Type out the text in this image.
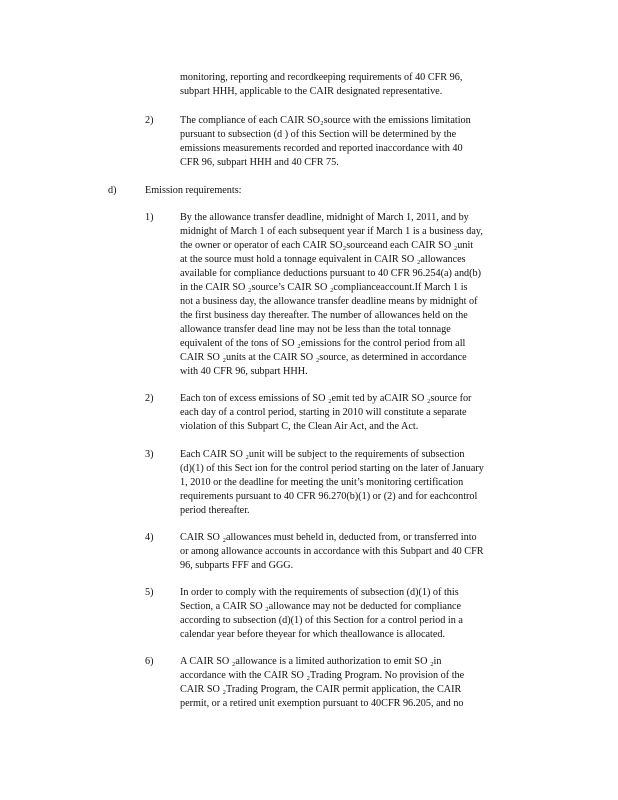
monitoring, reporting and recordkeeping requirements of 40 CFR 96,
subpart HHH, applicable to the CAIR designated representative.
2)	The compliance of each CAIR SO₂source with the emissions limitation
pursuant to subsection (d ) of this Section will be determined by the
emissions measurements recorded and reported inaccordance with 40
CFR 96, subpart HHH and 40 CFR 75.
d)	Emission requirements:
1)	By the allowance transfer deadline, midnight of March 1, 2011, and by
midnight of March 1 of each subsequent year if March 1 is a business day,
the owner or operator of each CAIR SO₂sourceand each CAIR SO ₂unit
at the source must hold a tonnage equivalent in CAIR SO ₂allowances
available for compliance deductions pursuant to 40 CFR 96.254(a) and(b)
in the CAIR SO ₂source’s CAIR SO ₂complianceaccount.If March 1 is
not a business day, the allowance transfer deadline means by midnight of
the first business day thereafter. The number of allowances held on the
allowance transfer dead line may not be less than the total tonnage
equivalent of the tons of SO ₂emissions for the control period from all
CAIR SO ₂units at the CAIR SO ₂source, as determined in accordance
with 40 CFR 96, subpart HHH.
2)	Each ton of excess emissions of SO ₂emit ted by aCAIR SO ₂source for
each day of a control period, starting in 2010 will constitute a separate
violation of this Subpart C, the Clean Air Act, and the Act.
3)	Each CAIR SO ₂unit will be subject to the requirements of subsection
(d)(1) of this Sect ion for the control period starting on the later of January
1, 2010 or the deadline for meeting the unit’s monitoring certification
requirements pursuant to 40 CFR 96.270(b)(1) or (2) and for eachcontrol
period thereafter.
4)	CAIR SO ₂allowances must beheld in, deducted from, or transferred into
or among allowance accounts in accordance with this Subpart and 40 CFR
96, subparts FFF and GGG.
5)	In order to comply with the requirements of subsection (d)(1) of this
Section, a CAIR SO ₂allowance may not be deducted for compliance
according to subsection (d)(1) of this Section for a control period in a
calendar year before theyear for which theallowance is allocated.
6)	A CAIR SO ₂allowance is a limited authorization to emit SO ₂in
accordance with the CAIR SO ₂Trading Program. No provision of the
CAIR SO ₂Trading Program, the CAIR permit application, the CAIR
permit, or a retired unit exemption pursuant to 40CFR 96.205, and no
